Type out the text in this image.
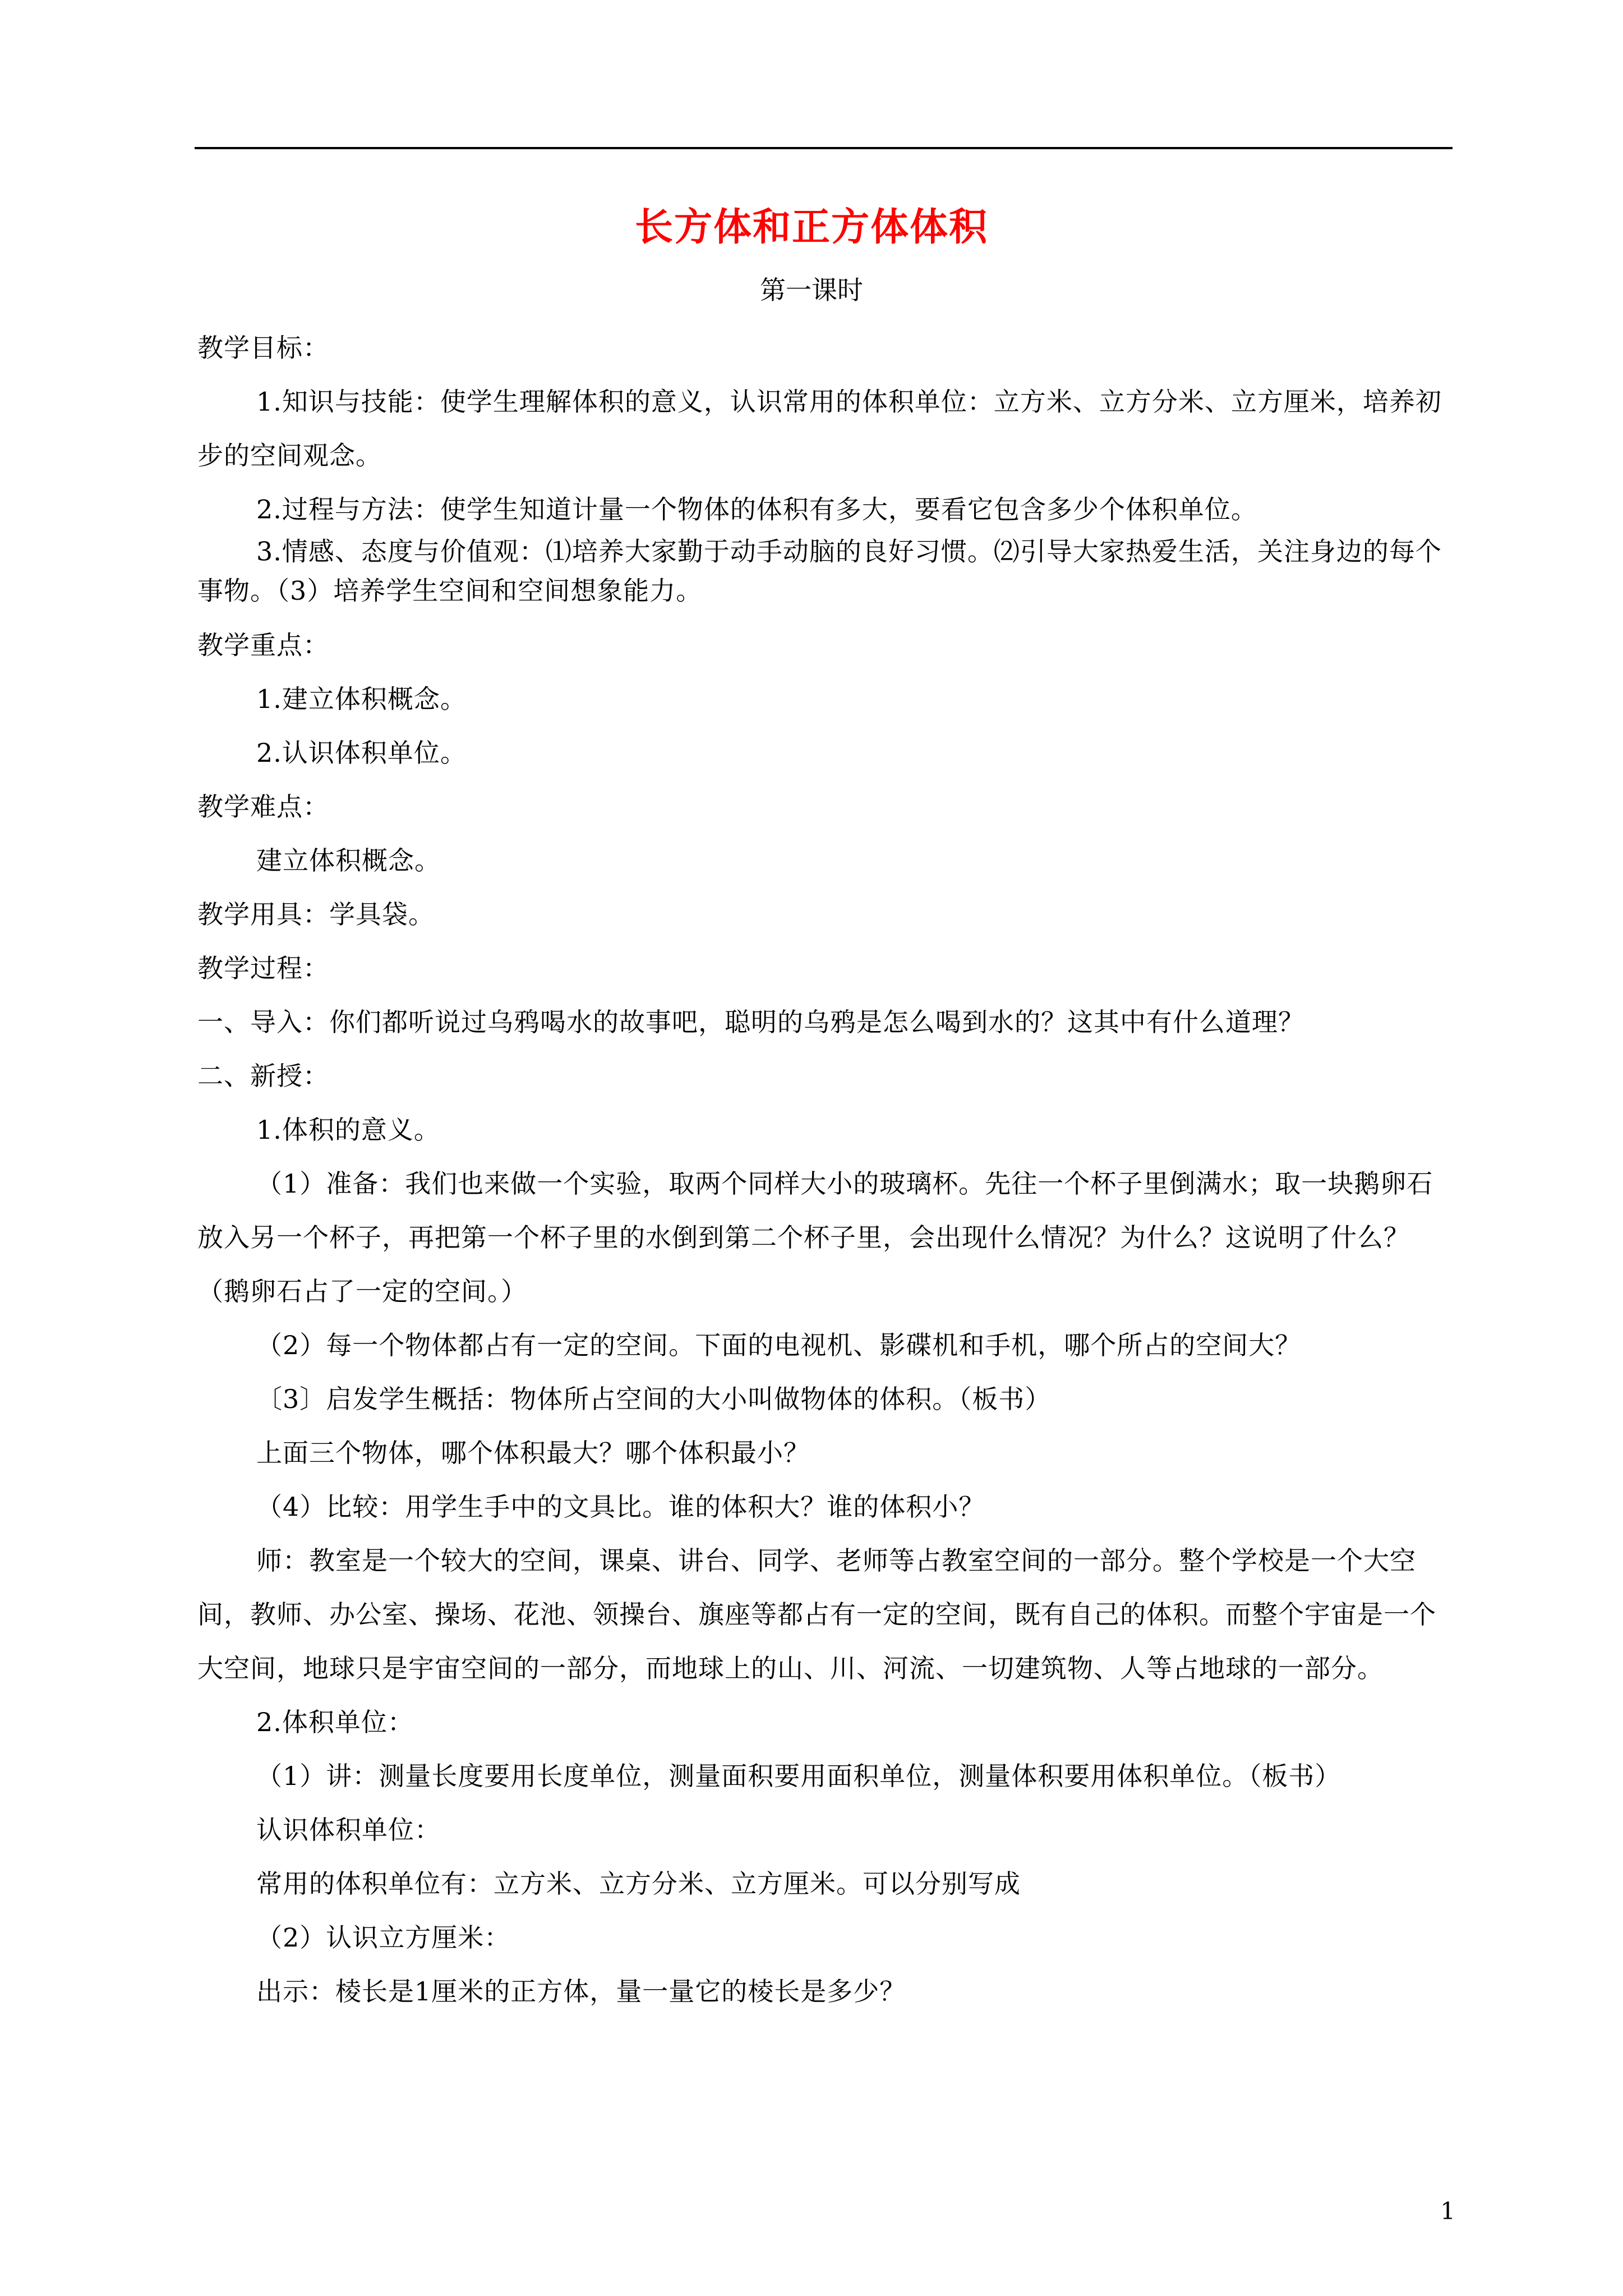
长方体和正方体体积
第一课时

教学目标：

1.知识与技能：使学生理解体积的意义，认识常用的体积单位：立方米、立方分米、立方厘米，培养初步的空间观念。

2.过程与方法：使学生知道计量一个物体的体积有多大，要看它包含多少个体积单位。

3.情感、态度与价值观：⑴培养大家勤于动手动脑的良好习惯。⑵引导大家热爱生活，关注身边的每个事物。（3）培养学生空间和空间想象能力。

教学重点：

1.建立体积概念。

2.认识体积单位。

教学难点：

建立体积概念。

教学用具：学具袋。

教学过程：

一、导入：你们都听说过乌鸦喝水的故事吧，聪明的乌鸦是怎么喝到水的？这其中有什么道理？

二、新授：

1.体积的意义。

（1）准备：我们也来做一个实验，取两个同样大小的玻璃杯。先往一个杯子里倒满水；取一块鹅卵石放入另一个杯子，再把第一个杯子里的水倒到第二个杯子里，会出现什么情况？为什么？这说明了什么？（鹅卵石占了一定的空间。）

（2）每一个物体都占有一定的空间。下面的电视机、影碟机和手机，哪个所占的空间大？

〔3〕启发学生概括：物体所占空间的大小叫做物体的体积。（板书）

上面三个物体，哪个体积最大？哪个体积最小？

（4）比较：用学生手中的文具比。谁的体积大？谁的体积小？

师：教室是一个较大的空间，课桌、讲台、同学、老师等占教室空间的一部分。整个学校是一个大空间，教师、办公室、操场、花池、领操台、旗座等都占有一定的空间，既有自己的体积。而整个宇宙是一个大空间，地球只是宇宙空间的一部分，而地球上的山、川、河流、一切建筑物、人等占地球的一部分。

2.体积单位：

（1）讲：测量长度要用长度单位，测量面积要用面积单位，测量体积要用体积单位。（板书）

认识体积单位：

常用的体积单位有：立方米、立方分米、立方厘米。可以分别写成

（2）认识立方厘米：

出示：棱长是1厘米的正方体，量一量它的棱长是多少？

1
